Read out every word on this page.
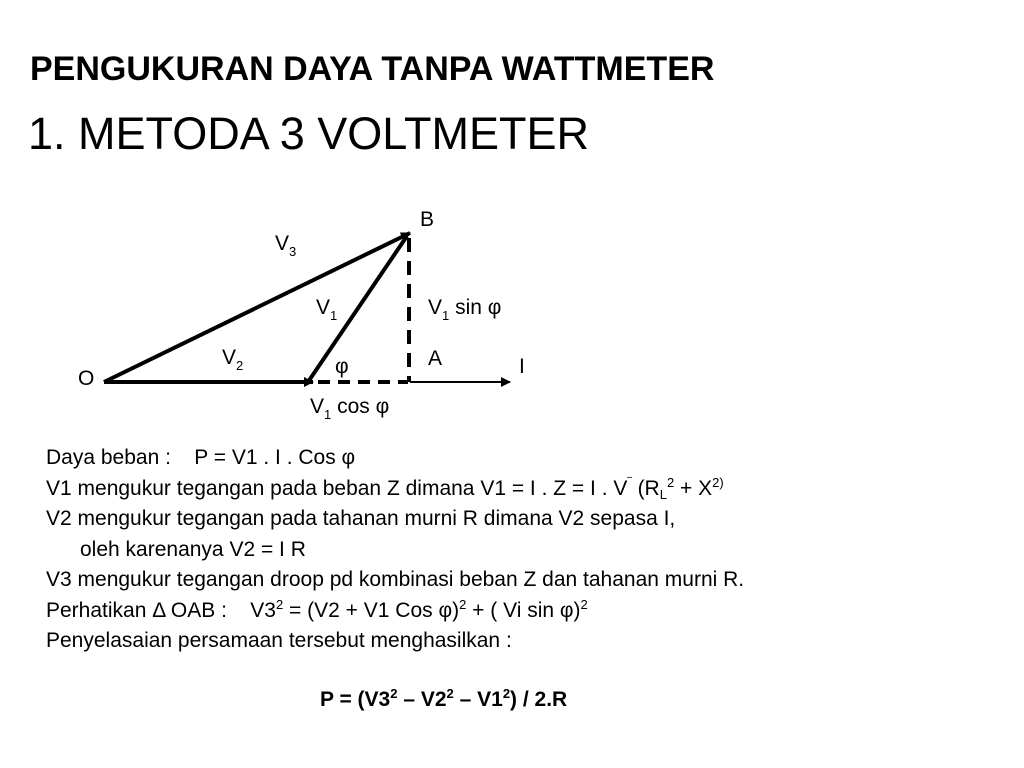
PENGUKURAN DAYA TANPA WATTMETER
1. METODA 3 VOLTMETER
B
O
A	I
φ
$V_3$
$V_1$
$V_2$
$V_1$ sin φ
$V_1$ cos φ
Daya beban : P = V1 . I . Cos φ
V1 mengukur tegangan pada beban Z dimana V1 = I . Z = I . V‾ ($R_L^2 + X^{2)}$
V2 mengukur tegangan pada tahanan murni R dimana V2 sepasa I,
oleh karenanya V2 = I R
V3 mengukur tegangan droop pd kombinasi beban Z dan tahanan murni R.
Perhatikan Δ OAB : $V3^2 = (V2 + V1$ Cos φ)$^2$ + ( Vi sin φ)$^2$
Penyelasaian persamaan tersebut menghasilkan :
$P = (V3^2 - V2^2 - V1^2) / 2.R$
